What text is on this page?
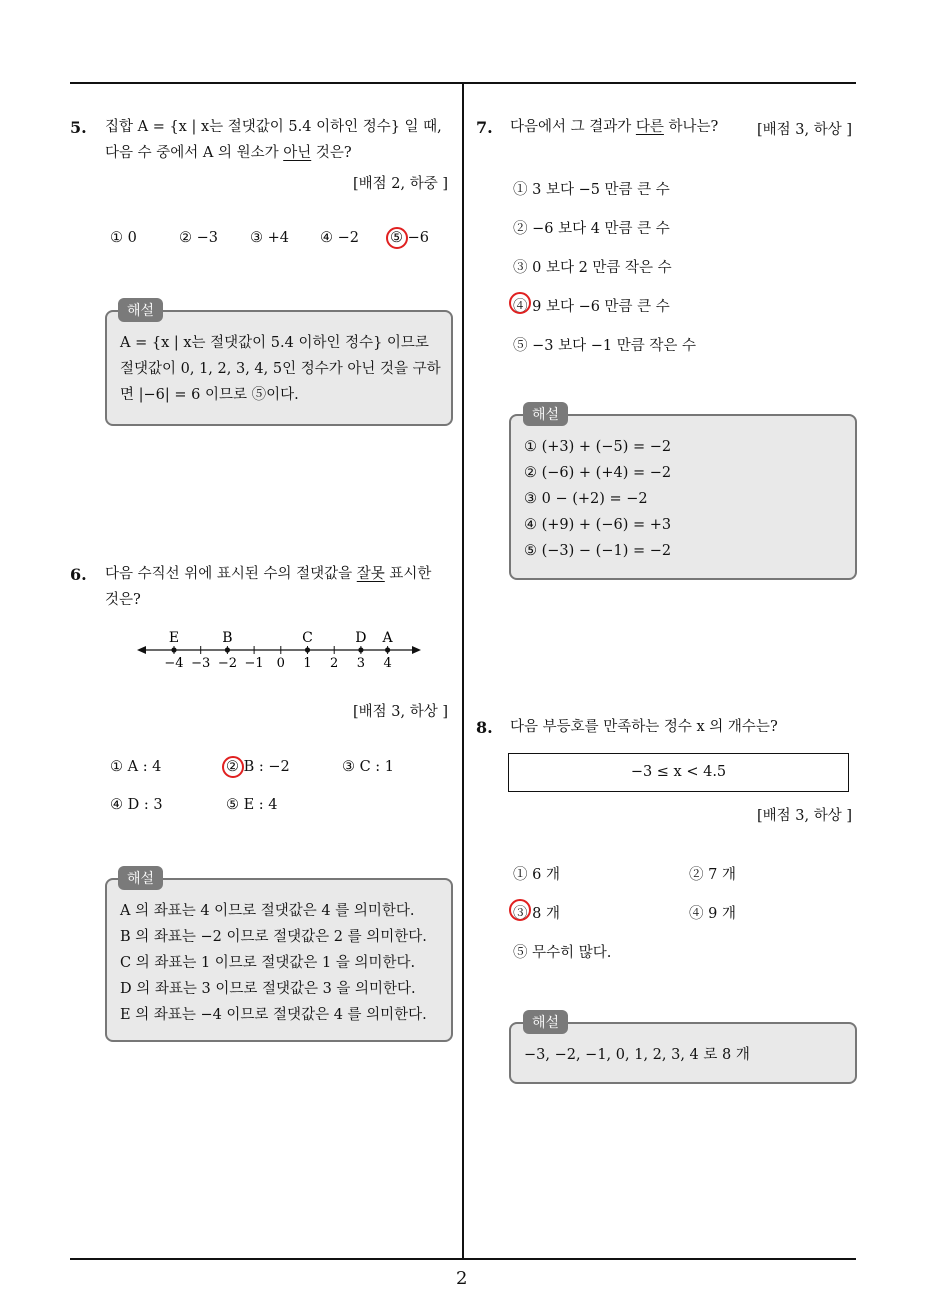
5. 집합 A = {x | x는 절댓값이 5.4 이하인 정수} 일 때,
다음 수 중에서 A 의 원소가 아닌 것은?
[배점 2, 하중 ]
① 0	② −3 ③ +4 ④ −2 ⑤ −6
A = {x | x는 절댓값이 5.4 이하인 정수} 이므로
절댓값이 0, 1, 2, 3, 4, 5인 정수가 아닌 것을 구하
면 |−6| = 6 이므로 ⑤이다.
해설
6. 다음 수직선 위에 표시된 수의 절댓값을 잘못 표시한
것은?
−4 −3 −2 −1 0 1 2 3 4
E	B	C	D A
[배점 3, 하상 ]
① A : 4	② B : −2	③ C : 1
④ D : 3	⑤ E : 4
A 의 좌표는 4 이므로 절댓값은 4 를 의미한다.
B 의 좌표는 −2 이므로 절댓값은 2 를 의미한다.
C 의 좌표는 1 이므로 절댓값은 1 을 의미한다.
D 의 좌표는 3 이므로 절댓값은 3 을 의미한다.
E 의 좌표는 −4 이므로 절댓값은 4 를 의미한다.
해설
7. 다음에서 그 결과가 다른 하나는?	[배점 3, 하상 ]
① 3 보다 −5 만큼 큰 수
② −6 보다 4 만큼 큰 수
③ 0 보다 2 만큼 작은 수
④ 9 보다 −6 만큼 큰 수
⑤ −3 보다 −1 만큼 작은 수
① (+3) + (−5) = −2
② (−6) + (+4) = −2
③ 0 − (+2) = −2
④ (+9) + (−6) = +3
⑤ (−3) − (−1) = −2
해설
8. 다음 부등호를 만족하는 정수 x 의 개수는?
−3 ≤ x < 4.5
[배점 3, 하상 ]
① 6 개	② 7 개
③ 8 개	④ 9 개
⑤ 무수히 많다.
−3, −2, −1, 0, 1, 2, 3, 4 로 8 개
해설
2
